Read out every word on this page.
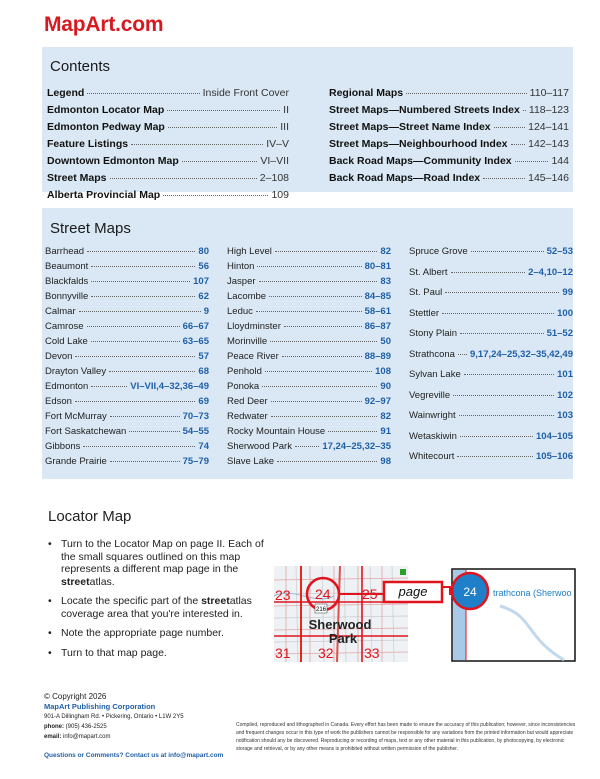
MapArt.com
Contents
Legend	Inside Front Cover
Edmonton Locator Map	II
Edmonton Pedway Map	III
Feature Listings	IV–V
Downtown Edmonton Map	VI–VII
Street Maps	2–108
Alberta Provincial Map	109
Regional Maps	110–117
Street Maps—Numbered Streets Index 118–123
Street Maps—Street Name Index	124–141
Street Maps—Neighbourhood Index 142–143
Back Road Maps—Community Index	144
Back Road Maps—Road Index	145–146
Street Maps
Barrhead	80
Beaumont	56
Blackfalds	107
Bonnyville	62
Calmar	9
Camrose	66–67
Cold Lake	63–65
Devon	57
Drayton Valley	68
Edmonton	VI–VII,4–32,36–49
Edson	69
Fort McMurray	70–73
Fort Saskatchewan	54–55
Gibbons	74
Grande Prairie	75–79
High Level	82
Hinton	80–81
Jasper	83
Lacombe	84–85
Leduc	58–61
Lloydminster	86–87
Morinville	50
Peace River	88–89
Penhold	108
Ponoka	90
Red Deer	92–97
Redwater	82
Rocky Mountain House	91
Sherwood Park	17,24–25,32–35
Slave Lake	98
Spruce Grove	52–53
St. Albert	2–4,10–12
St. Paul	99
Stettler	100
Stony Plain	51–52
Strathcona 9,17,24–25,32–35,42,49
Sylvan Lake	101
Vegreville	102
Wainwright	103
Wetaskiwin	104–105
Whitecourt	105–106
Locator Map
• Turn to the Locator Map on page II. Each of the small squares outlined on this map represents a different map page in the streetatlas.
• Locate the specific part of the streetatlas coverage area that you're interested in.
• Note the appropriate page number.
• Turn to that map page.
216
23 24 25
31 32 33
Sherwood
Park
page	24 trathcona (Sherwoo
© Copyright 2026
MapArt Publishing Corporation
901-A Dillingham Rd. • Pickering, Ontario • L1W 2Y5
phone: (905) 436-2525
email: info@mapart.com
Questions or Comments? Contact us at info@mapart.com
Compiled, reproduced and lithographed in Canada. Every effort has been made to ensure the accuracy of this publication; however, since inconsistencies and frequent changes occur in this type of work the publishers cannot be responsible for any variations from the printed information but would appreciate notification should any be discovered. Reproducing or recording of maps, text or any other material in this publication, by photocopying, by electronic storage and retrieval, or by any other means is prohibited without written permission of the publisher.
